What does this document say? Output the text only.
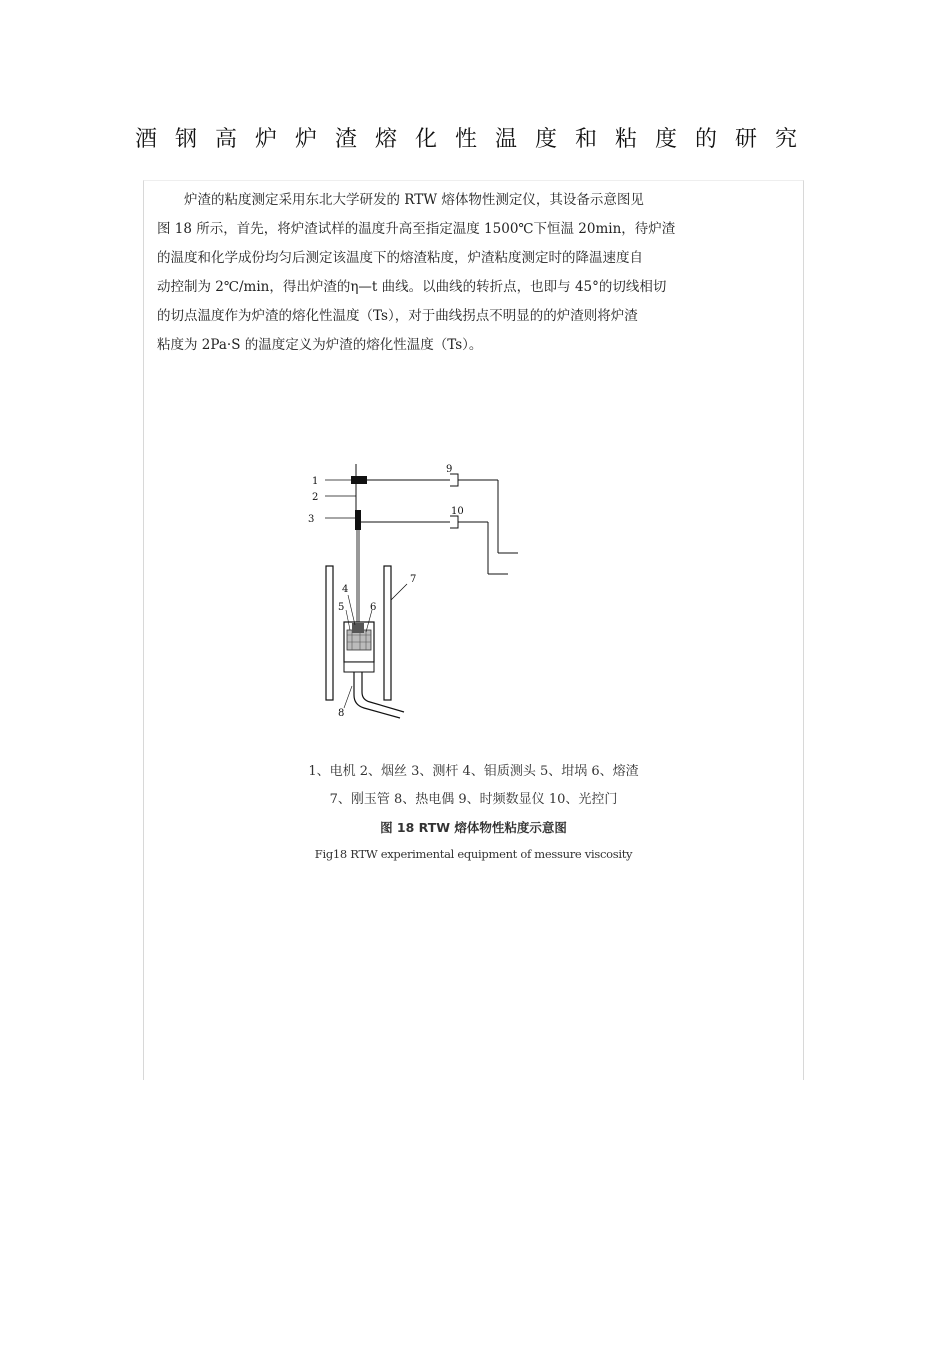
酒钢高炉炉渣熔化性温度和粘度的研究
炉渣的粘度测定采用东北大学研发的 RTW 熔体物性测定仪，其设备示意图见
图 18 所示，首先，将炉渣试样的温度升高至指定温度 1500℃下恒温 20min，待炉渣
的温度和化学成份均匀后测定该温度下的熔渣粘度，炉渣粘度测定时的降温速度自
动控制为 2℃/min，得出炉渣的η—t 曲线。以曲线的转折点，也即与 45°的切线相切
的切点温度作为炉渣的熔化性温度（Ts），对于曲线拐点不明显的的炉渣则将炉渣
粘度为 2Pa·S 的温度定义为炉渣的熔化性温度（Ts）。
1
2
3
4
5	6
7
8
9
10
1、电机 2、烟丝 3、测杆 4、钼质测头 5、坩埚 6、熔渣
7、刚玉管 8、热电偶 9、时频数显仪 10、光控门
图 18 RTW 熔体物性粘度示意图
Fig18 RTW experimental equipment of messure viscosity
